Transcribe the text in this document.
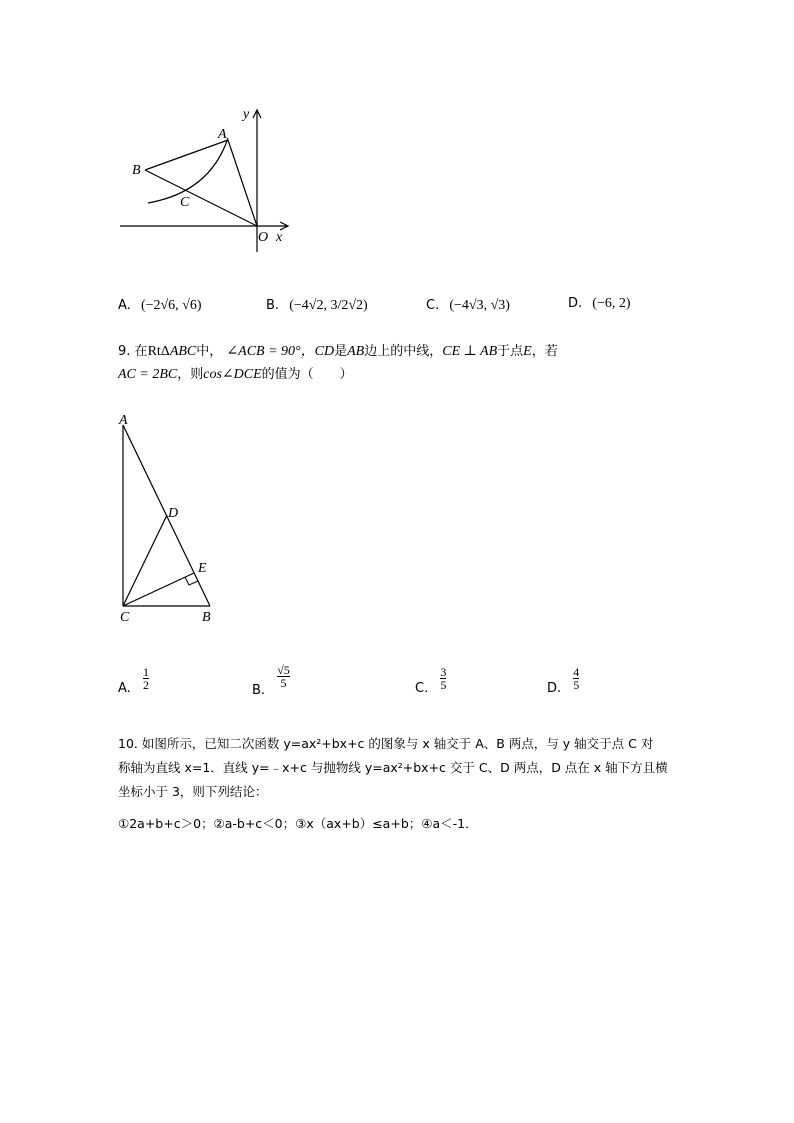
y
x
O
A
B
C
A. (−2√6, √6)	B. (−4√2, 3/2√2)	C. (−4√3, √3)	D. (−6, 2)
9. 在RtΔABC中， ∠ACB = 90°，CD是AB边上的中线，CE ⊥ AB于点E，若
AC = 2BC，则cos∠DCE的值为（　　）
A
D
E
C	B
A. $\frac{1}{2}$	B.
$\frac{√5}{5}$	C. $\frac{3}{5}$	D. $\frac{4}{5}$
10. 如图所示，已知二次函数 y=ax²+bx+c 的图象与 x 轴交于 A、B 两点，与 y 轴交于点 C 对
称轴为直线 x=1．直线 y=﹣x+c 与抛物线 y=ax²+bx+c 交于 C、D 两点，D 点在 x 轴下方且横
坐标小于 3，则下列结论：
①2a+b+c＞0；②a-b+c＜0；③x（ax+b）≤a+b；④a＜-1．
